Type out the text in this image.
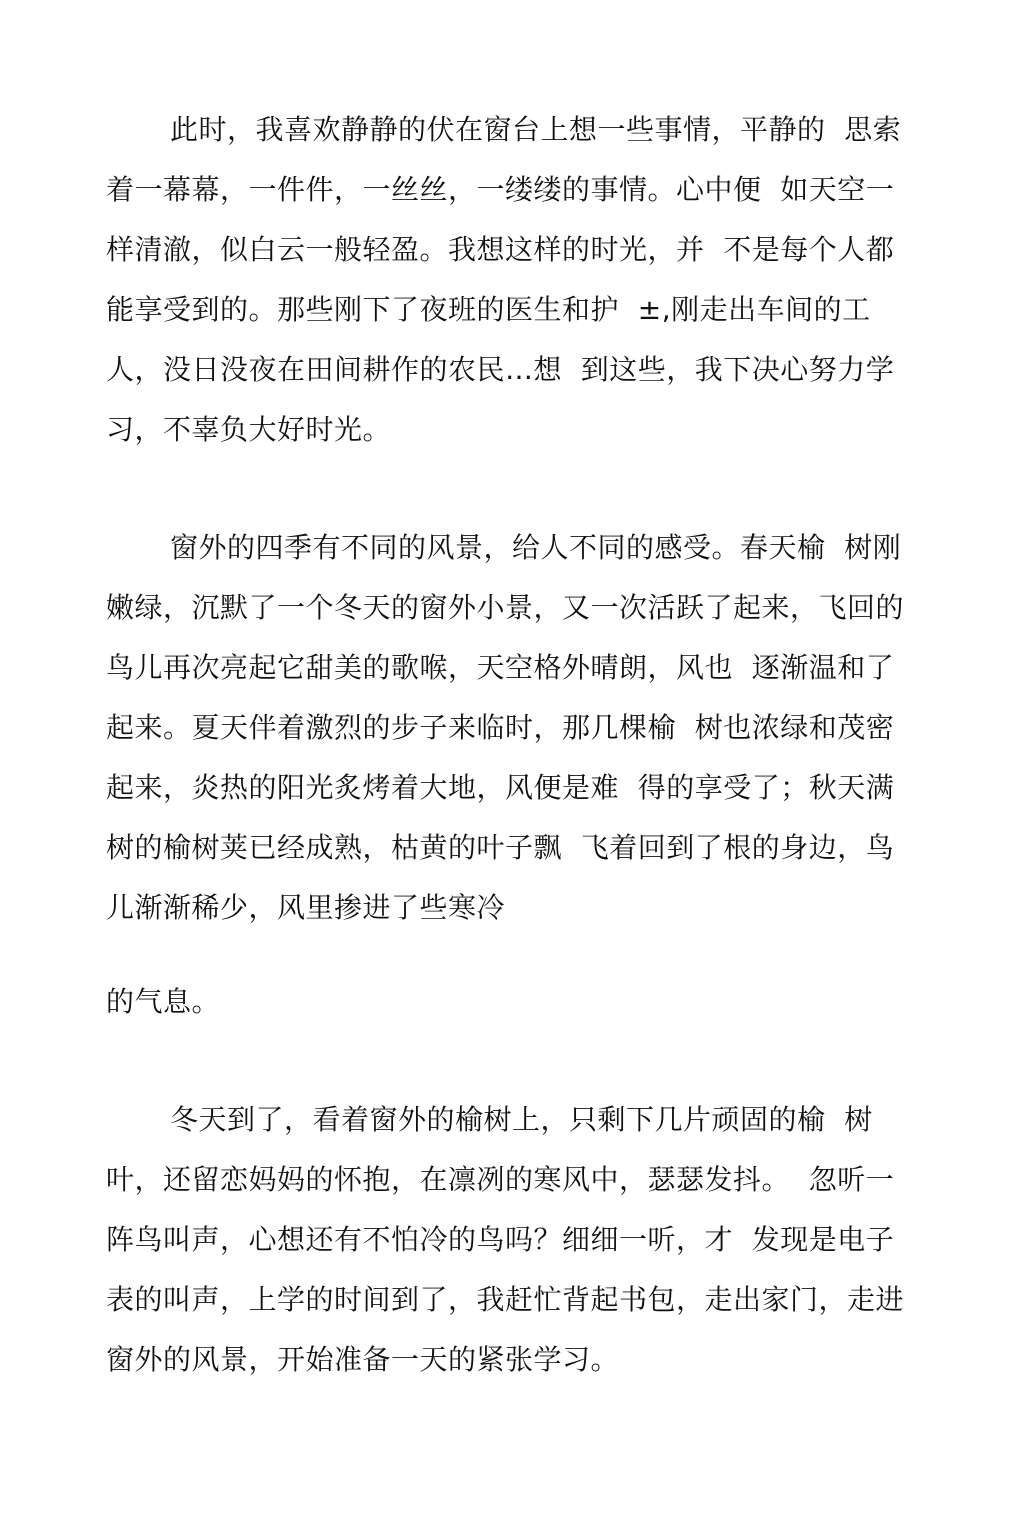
此时，我喜欢静静的伏在窗台上想一些事情，平静的  思索

着一幕幕，一件件，一丝丝，一缕缕的事情。心中便  如天空一

样清澈，似白云一般轻盈。我想这样的时光，并  不是每个人都

能享受到的。那些刚下了夜班的医生和护  ±,刚走出车间的工

人，没日没夜在田间耕作的农民…想  到这些，我下决心努力学

习，不辜负大好时光。

窗外的四季有不同的风景，给人不同的感受。春天榆  树刚

嫩绿，沉默了一个冬天的窗外小景，又一次活跃了起来，飞回的

鸟儿再次亮起它甜美的歌喉，天空格外晴朗，风也  逐渐温和了

起来。夏天伴着激烈的步子来临时，那几棵榆  树也浓绿和茂密

起来，炎热的阳光炙烤着大地，风便是难  得的享受了；秋天满

树的榆树荚已经成熟，枯黄的叶子飘  飞着回到了根的身边，鸟

儿渐渐稀少，风里掺进了些寒冷

的气息。

冬天到了，看着窗外的榆树上，只剩下几片顽固的榆  树

叶，还留恋妈妈的怀抱，在凛冽的寒风中，瑟瑟发抖。  忽听一

阵鸟叫声，心想还有不怕冷的鸟吗？细细一听，才  发现是电子

表的叫声，上学的时间到了，我赶忙背起书包，走出家门，走进

窗外的风景，开始准备一天的紧张学习。
